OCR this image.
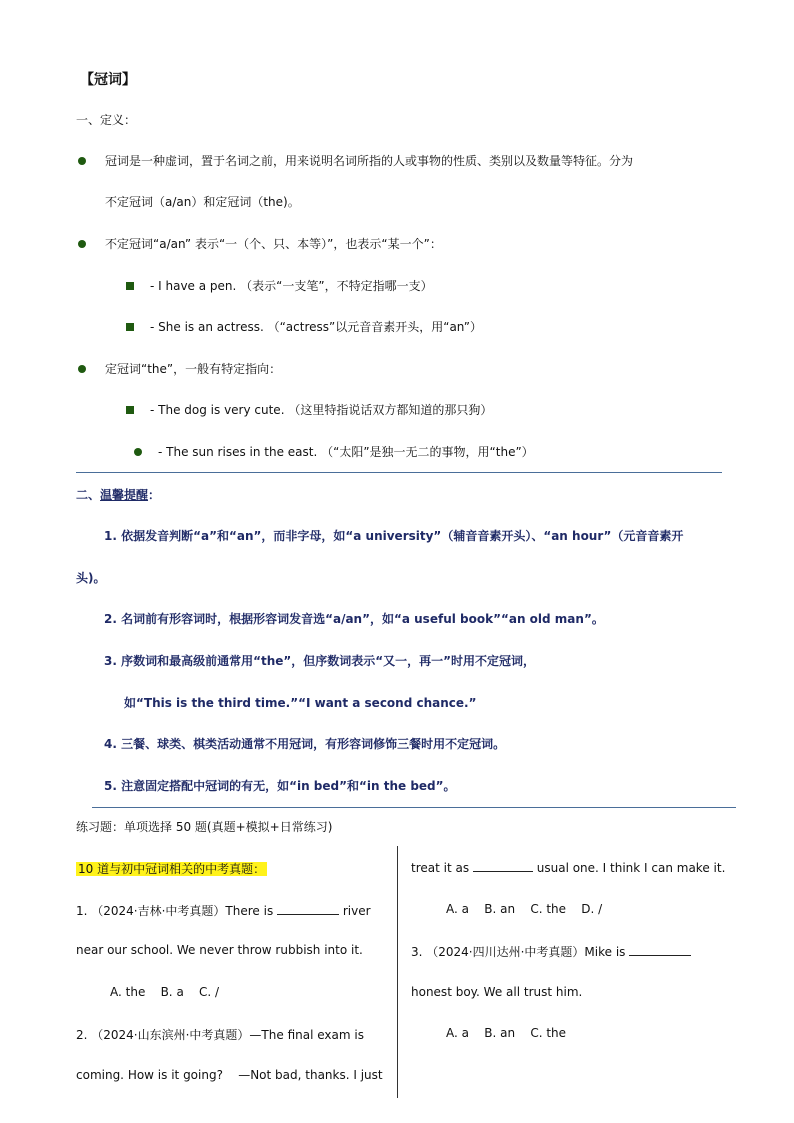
【冠词】
一、定义：
冠词是一种虚词，置于名词之前，用来说明名词所指的人或事物的性质、类别以及数量等特征。分为
不定冠词（a/an）和定冠词（the)。
不定冠词“a/an” 表示“一（个、只、本等）”，也表示“某一个”：
- I have a pen. （表示“一支笔”，不特定指哪一支）
- She is an actress. （“actress”以元音音素开头，用“an”）
定冠词“the”，一般有特定指向：
- The dog is very cute. （这里特指说话双方都知道的那只狗）
- The sun rises in the east. （“太阳”是独一无二的事物，用“the”）
二、温馨提醒：
1. 依据发音判断“a”和“an”，而非字母，如“a university”（辅音音素开头）、“an hour”（元音音素开
头)。
2. 名词前有形容词时，根据形容词发音选“a/an”，如“a useful book”“an old man”。
3. 序数词和最高级前通常用“the”，但序数词表示“又一，再一”时用不定冠词，
如“This is the third time.”“I want a second chance.”
4. 三餐、球类、棋类活动通常不用冠词，有形容词修饰三餐时用不定冠词。
5. 注意固定搭配中冠词的有无，如“in bed”和“in the bed”。
练习题：单项选择 50 题(真题+模拟+日常练习)
10 道与初中冠词相关的中考真题：
1. （2024·吉林·中考真题）There is	river
near our school. We never throw rubbish into it.
A. the    B. a    C. /
2. （2024·山东滨州·中考真题）—The final exam is
coming. How is it going?    —Not bad, thanks. I just
treat it as	usual one. I think I can make it.
A. a    B. an    C. the    D. /
3. （2024·四川达州·中考真题）Mike is
honest boy. We all trust him.
A. a    B. an    C. the
